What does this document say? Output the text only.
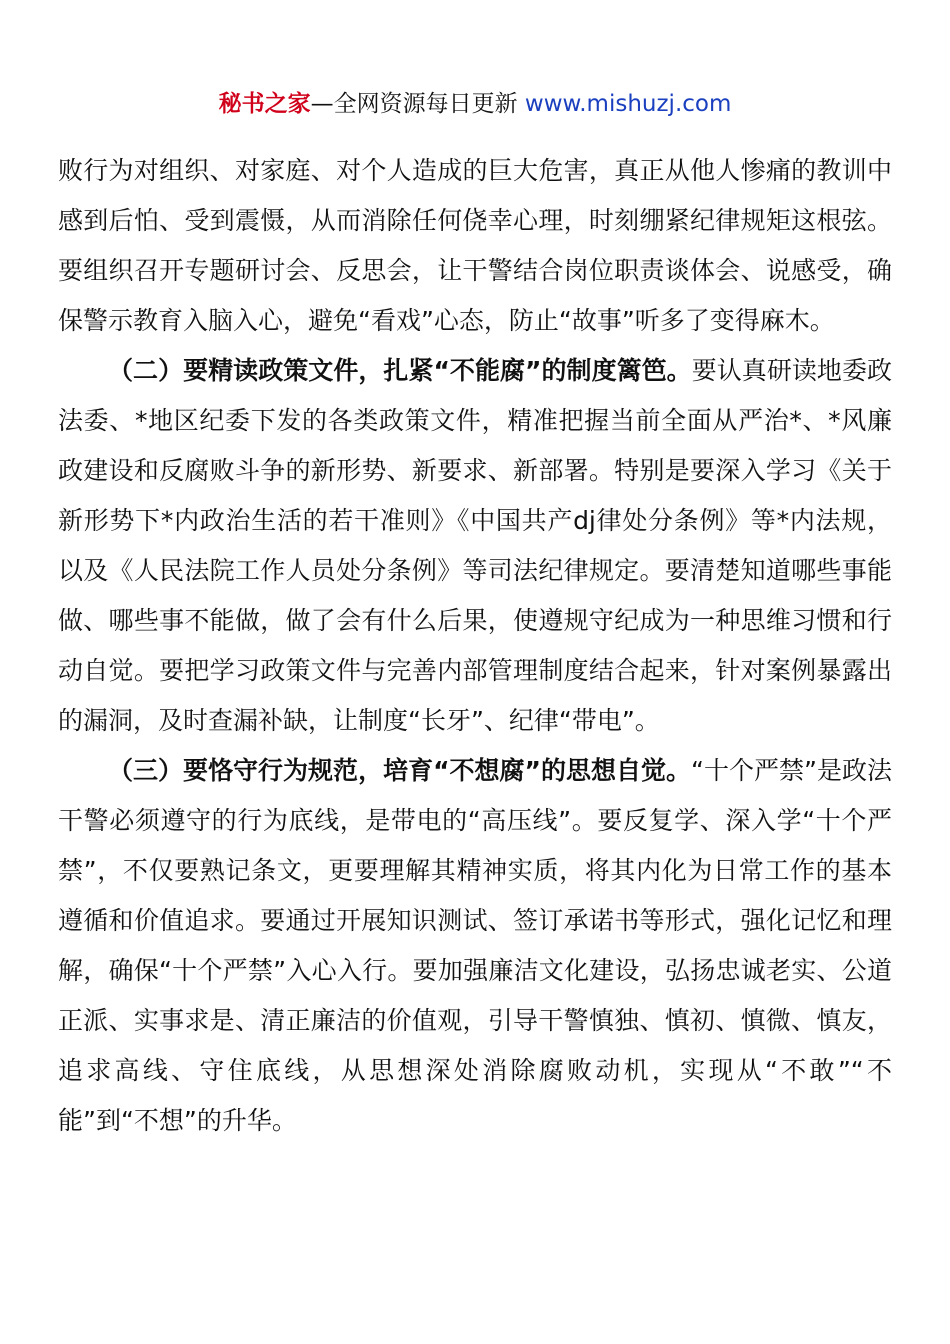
秘书之家—全网资源每日更新 www.mishuzj.com

败行为对组织、对家庭、对个人造成的巨大危害，真正从他人惨痛的教训中感到后怕、受到震慑，从而消除任何侥幸心理，时刻绷紧纪律规矩这根弦。要组织召开专题研讨会、反思会，让干警结合岗位职责谈体会、说感受，确保警示教育入脑入心，避免“看戏”心态，防止“故事”听多了变得麻木。

（二）要精读政策文件，扎紧“不能腐”的制度篱笆。要认真研读地委政法委、*地区纪委下发的各类政策文件，精准把握当前全面从严治*、*风廉政建设和反腐败斗争的新形势、新要求、新部署。特别是要深入学习《关于新形势下*内政治生活的若干准则》《中国共产dj律处分条例》等*内法规，以及《人民法院工作人员处分条例》等司法纪律规定。要清楚知道哪些事能做、哪些事不能做，做了会有什么后果，使遵规守纪成为一种思维习惯和行动自觉。要把学习政策文件与完善内部管理制度结合起来，针对案例暴露出的漏洞，及时查漏补缺，让制度“长牙”、纪律“带电”。

（三）要恪守行为规范，培育“不想腐”的思想自觉。“十个严禁”是政法干警必须遵守的行为底线，是带电的“高压线”。要反复学、深入学“十个严禁”，不仅要熟记条文，更要理解其精神实质，将其内化为日常工作的基本遵循和价值追求。要通过开展知识测试、签订承诺书等形式，强化记忆和理解，确保“十个严禁”入心入行。要加强廉洁文化建设，弘扬忠诚老实、公道正派、实事求是、清正廉洁的价值观，引导干警慎独、慎初、慎微、慎友，追求高线、守住底线，从思想深处消除腐败动机，实现从“不敢”“不能”到“不想”的升华。
